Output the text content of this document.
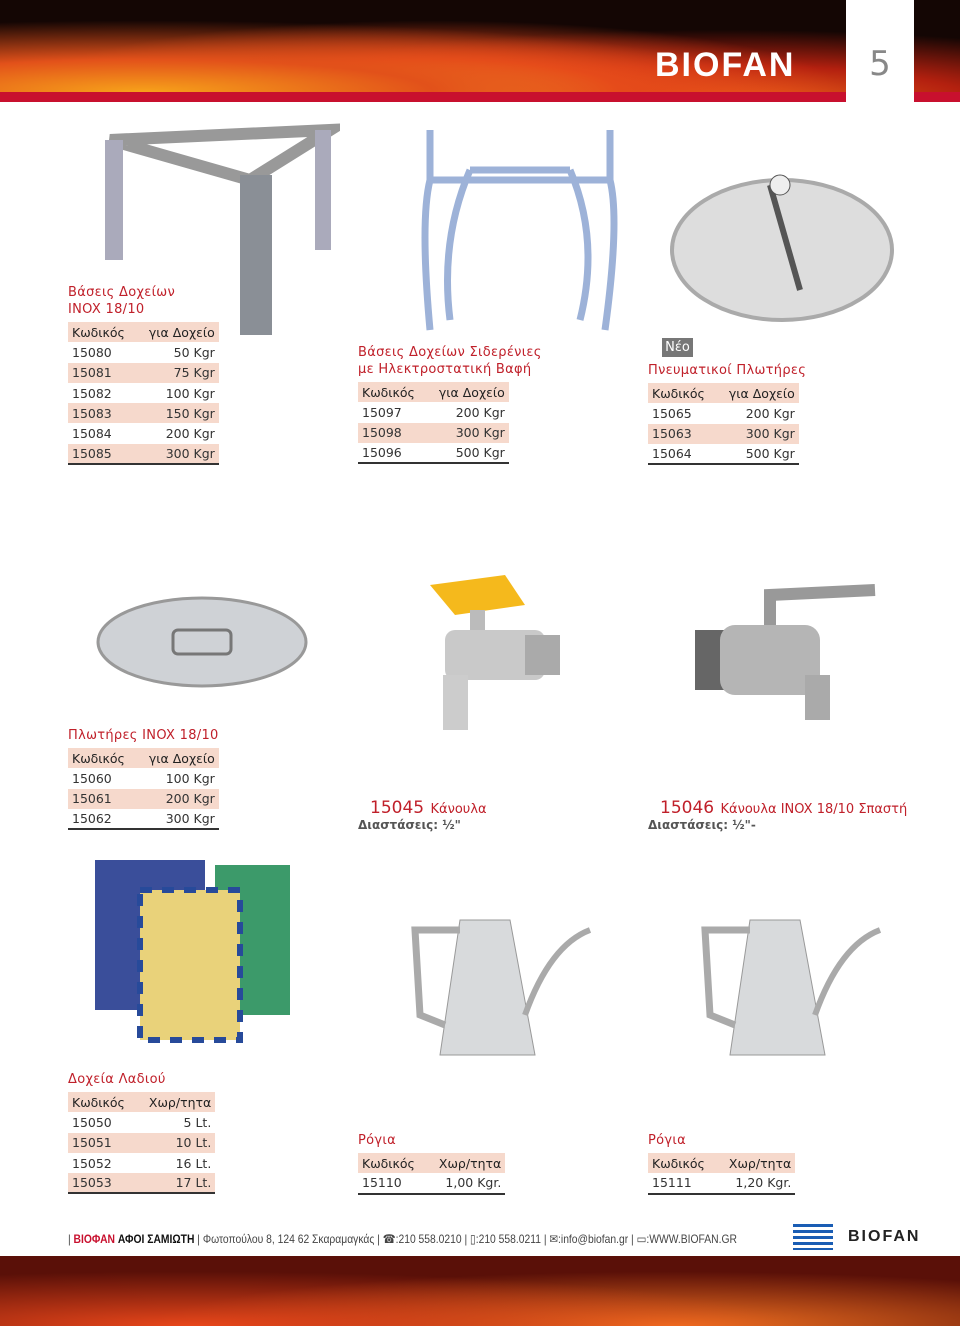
BIOFAN	5
Νέο
Βάσεις Δοχείων
INOX 18/10
Κωδικός	για Δοχείο
15080	50 Kgr
15081	75 Kgr
15082	100 Kgr
15083	150 Kgr
15084	200 Kgr
15085	300 Kgr
Βάσεις Δοχείων Σιδερένιες
με Ηλεκτροστατική Βαφή
Κωδικός	για Δοχείο
15097	200 Kgr
15098	300 Kgr
15096	500 Kgr
Πνευματικοί Πλωτήρες
Κωδικός	για Δοχείο
15065	200 Kgr
15063	300 Kgr
15064	500 Kgr
Πλωτήρες INOX 18/10
Κωδικός	για Δοχείο
15060	100 Kgr
15061	200 Kgr
15062	300 Kgr
Δοχεία Λαδιού
Κωδικός	Χωρ/τητα
15050	5 Lt.
15051	10 Lt.
15052	16 Lt.
15053	17 Lt.
Ρόγια
Κωδικός	Χωρ/τητα
15110	1,00 Kgr.
Ρόγια
Κωδικός	Χωρ/τητα
15111	1,20 Kgr.
15045 Κάνουλα
Διαστάσεις: ½"
15046 Κάνουλα INOX 18/10 Σπαστή
Διαστάσεις: ½"-
| ΒΙΟΦΑΝ ΑΦΟΙ ΣΑΜΙΩΤΗ | Φωτοπούλου 8, 124 62 Σκαραμαγκάς | ☎:210 558.0210 | ▯:210 558.0211 | ✉:info@biofan.gr | ▭:WWW.BIOFAN.GR	BIOFAN
